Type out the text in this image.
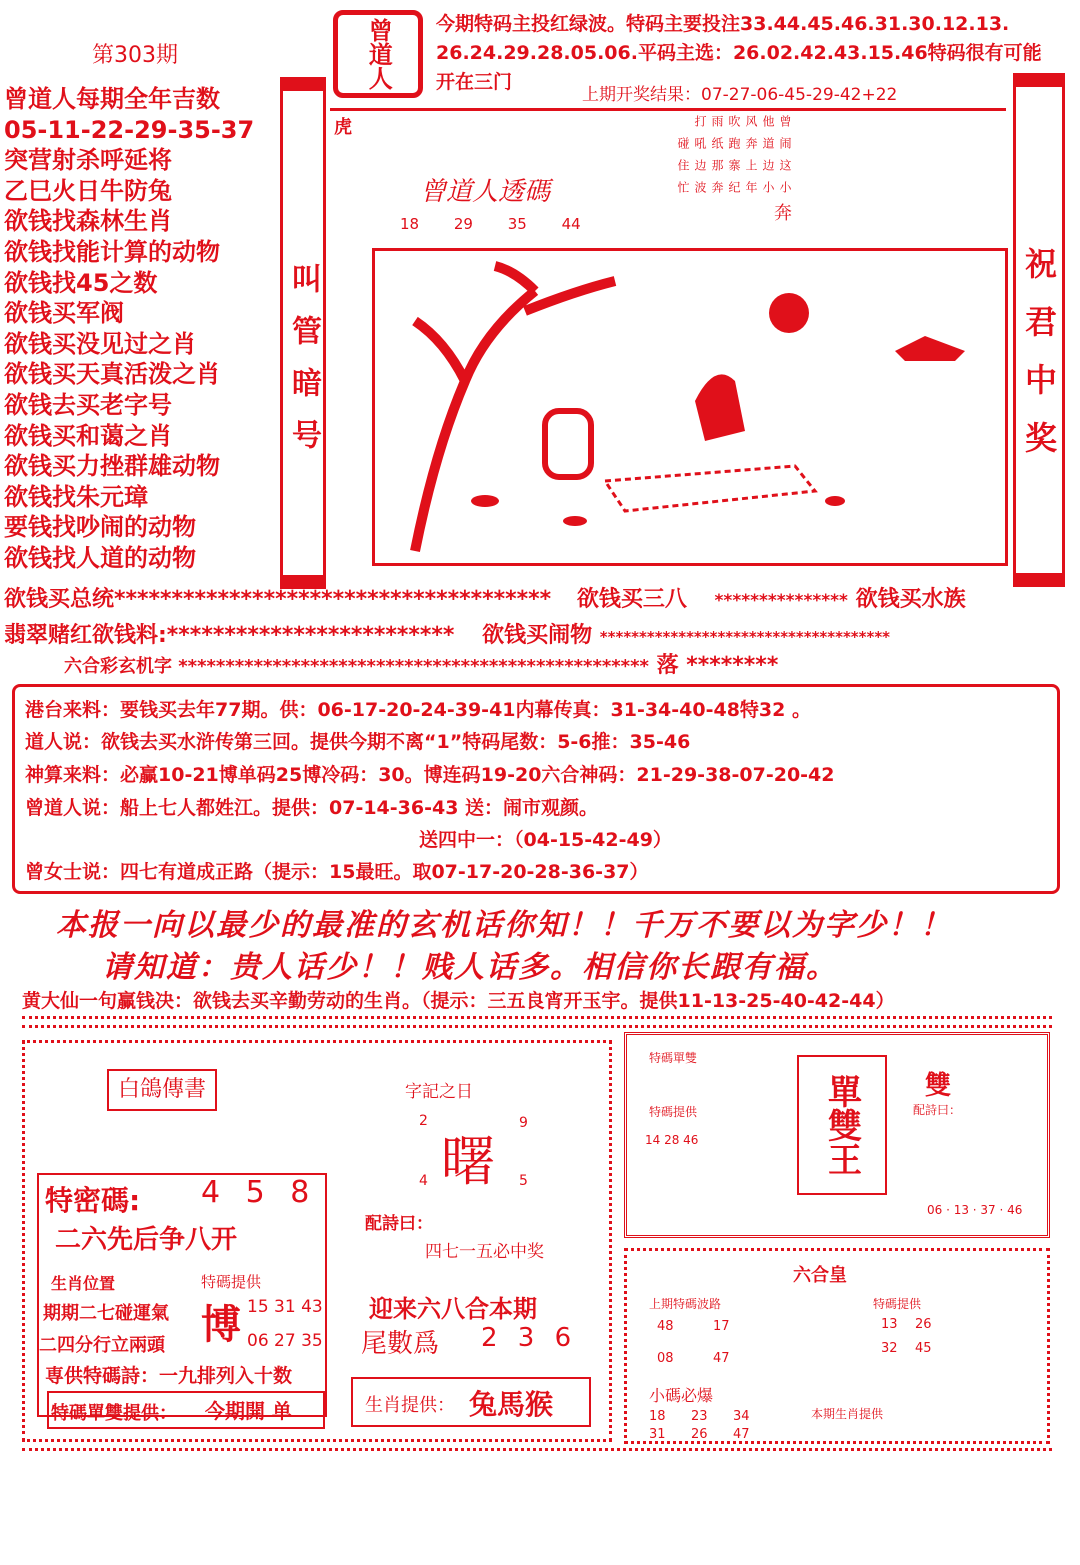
第303期	曾道人 今期特码主投红绿波。特码主要投注33.44.45.46.31.30.12.13.
26.24.29.28.05.06.平码主选：26.02.42.43.15.46特码很有可能
开在三门
上期开奖结果：07-27-06-45-29-42+22
曾道人每期全年吉数
05-11-22-29-35-37
突营射杀呼延将
乙巳火日牛防兔
欲钱找森林生肖
欲钱找能计算的动物
欲钱找45之数
欲钱买军阀
欲钱买没见过之肖
欲钱买天真活泼之肖
欲钱去买老字号
欲钱买和蔼之肖
欲钱买力挫群雄动物
欲钱找朱元璋
要钱找吵闹的动物
欲钱找人道的动物
叫管暗号	祝君中奖
虎
曾道人透碼
18 29 35 44
奔
小小年纪奔波忙
这边上寨那边住
闹道奔跑纸吼碰
曾他风吹雨打
欲钱买总统************************************** 欲钱买三八 *************** 欲钱买水族
翡翠赌红欲钱料:************************* 欲钱买闹物 *************************************
六合彩玄机字 ************************************************** 落 ********
港台来料：要钱买去年77期。供：06-17-20-24-39-41内幕传真：31-34-40-48特32 。
道人说：欲钱去买水浒传第三回。提供今期不离“1”特码尾数：5-6推：35-46
神算来料：必赢10-21博单码25博冷码：30。博连码19-20六合神码：21-29-38-07-20-42
曾道人说：船上七人都姓江。提供：07-14-36-43 送：闹市观颜。
送四中一：（04-15-42-49）
曾女士说：四七有道成正路（提示：15最旺。取07-17-20-28-36-37）
本报一向以最少的最准的玄机话你知！！千万不要以为字少！！
请知道：贵人话少！！贱人话多。相信你长跟有福。
黄大仙一句赢钱决：欲钱去买辛勤劳动的生肖。（提示：三五良宵开玉宇。提供11-13-25-40-42-44）
白鴿傳書
特密碼: 4 5 8
二六先后争八开
生肖位置
期期二七碰運氣
二四分行立兩頭
特碼提供
博 15 31 43
06 27 35
専供特碼詩：一九排列入十数
特碼單雙提供： 今期開 单
字記之日
2	9
曙
4	5
配詩曰：
四七一五必中奖
迎来六八合本期
尾數爲 2 3 6
生肖提供： 兔馬猴
特碼單雙
特碼提供
14 28 46	單雙王	雙
配詩曰：
06 · 13 · 37 · 46
六合皇
上期特碼波路	特碼提供
48	17
08	47
13 26
32 45
小碼必爆
18 23 34
31 26 47
本期生肖提供
